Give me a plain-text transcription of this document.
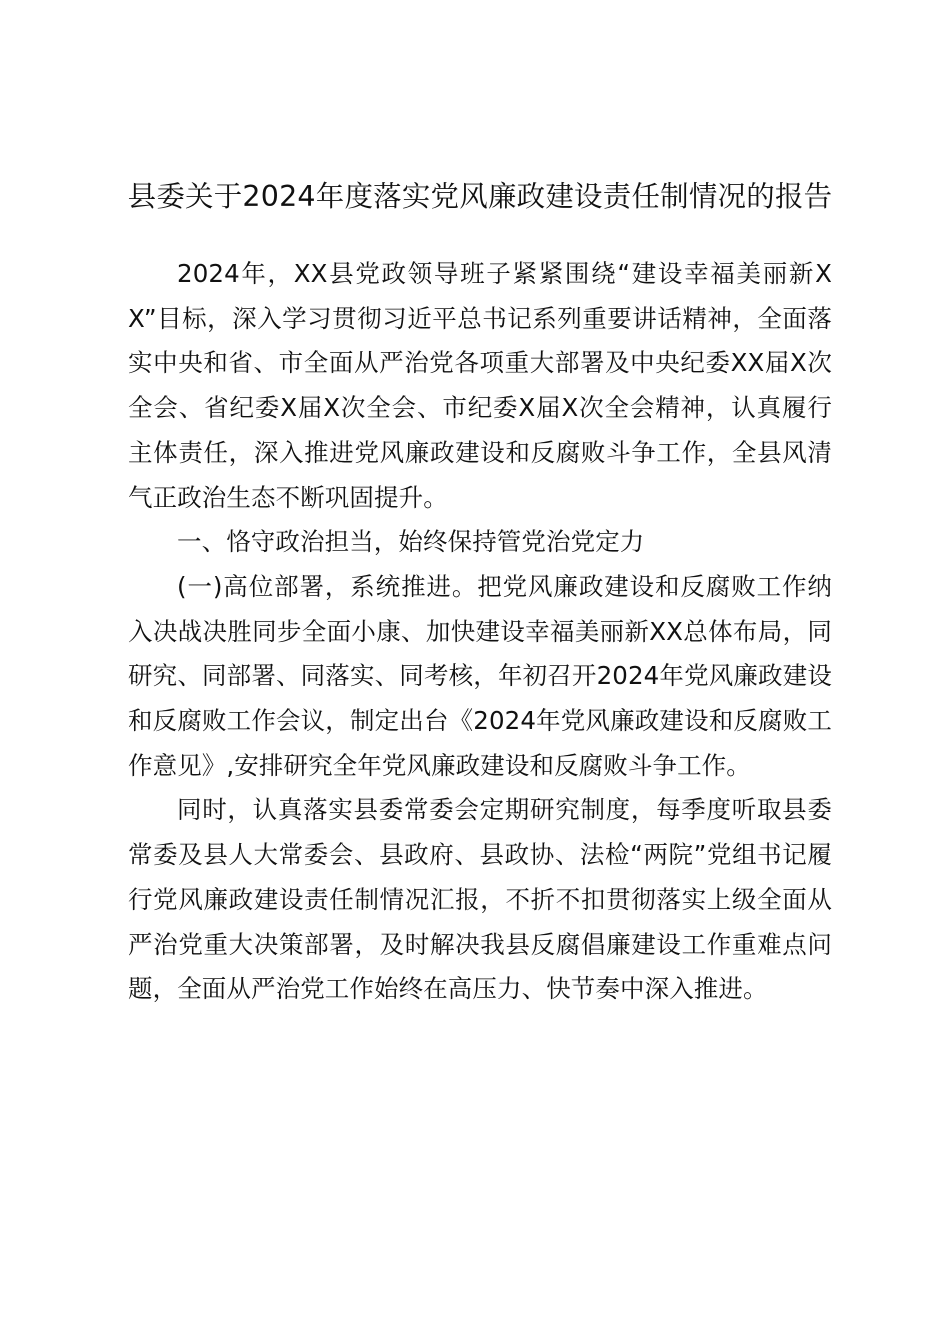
县委关于2024年度落实党风廉政建设责任制情况的报告

2024年，XX县党政领导班子紧紧围绕“建设幸福美丽新XX”目标，深入学习贯彻习近平总书记系列重要讲话精神，全面落实中央和省、市全面从严治党各项重大部署及中央纪委XX届X次全会、省纪委X届X次全会、市纪委X届X次全会精神，认真履行主体责任，深入推进党风廉政建设和反腐败斗争工作，全县风清气正政治生态不断巩固提升。

一、恪守政治担当，始终保持管党治党定力

(一)高位部署，系统推进。把党风廉政建设和反腐败工作纳入决战决胜同步全面小康、加快建设幸福美丽新XX总体布局，同研究、同部署、同落实、同考核，年初召开2024年党风廉政建设和反腐败工作会议，制定出台《2024年党风廉政建设和反腐败工作意见》,安排研究全年党风廉政建设和反腐败斗争工作。

同时，认真落实县委常委会定期研究制度，每季度听取县委常委及县人大常委会、县政府、县政协、法检“两院”党组书记履行党风廉政建设责任制情况汇报，不折不扣贯彻落实上级全面从严治党重大决策部署，及时解决我县反腐倡廉建设工作重难点问题，全面从严治党工作始终在高压力、快节奏中深入推进。
